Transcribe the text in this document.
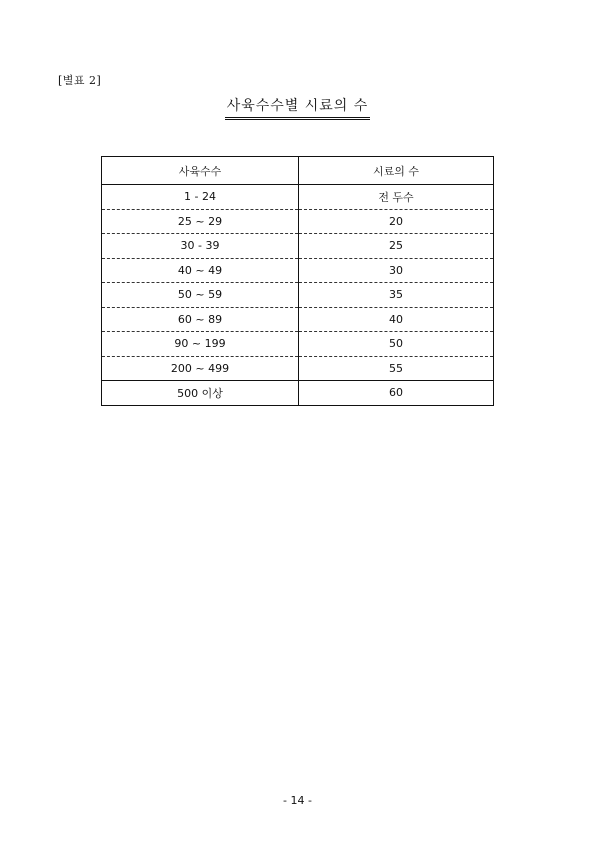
[별표 2]
사육수수별 시료의 수
사육수수	시료의 수
1 - 24	전 두수
25 ~ 29	20
30 - 39	25
40 ~ 49	30
50 ~ 59	35
60 ~ 89	40
90 ~ 199	50
200 ~ 499	55
500 이상	60
- 14 -
